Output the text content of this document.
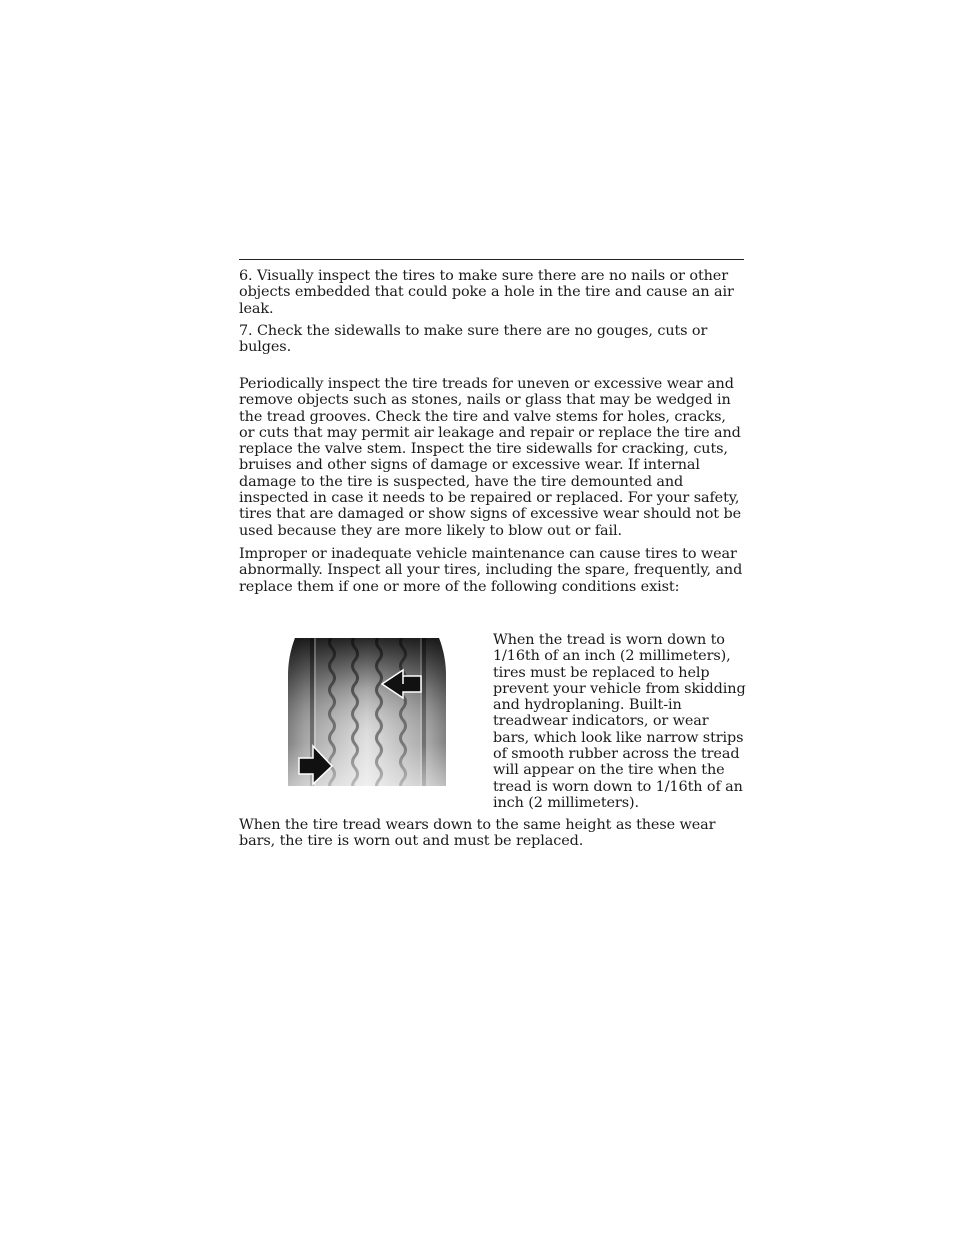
6. Visually inspect the tires to make sure there are no nails or other objects embedded that could poke a hole in the tire and cause an air leak.

7. Check the sidewalls to make sure there are no gouges, cuts or bulges.

Periodically inspect the tire treads for uneven or excessive wear and remove objects such as stones, nails or glass that may be wedged in the tread grooves. Check the tire and valve stems for holes, cracks, or cuts that may permit air leakage and repair or replace the tire and replace the valve stem. Inspect the tire sidewalls for cracking, cuts, bruises and other signs of damage or excessive wear. If internal damage to the tire is suspected, have the tire demounted and inspected in case it needs to be repaired or replaced. For your safety, tires that are damaged or show signs of excessive wear should not be used because they are more likely to blow out or fail.

Improper or inadequate vehicle maintenance can cause tires to wear abnormally. Inspect all your tires, including the spare, frequently, and replace them if one or more of the following conditions exist:

When the tread is worn down to 1/16th of an inch (2 millimeters), tires must be replaced to help prevent your vehicle from skidding and hydroplaning. Built-in treadwear indicators, or wear bars, which look like narrow strips of smooth rubber across the tread will appear on the tire when the tread is worn down to 1/16th of an inch (2 millimeters).

When the tire tread wears down to the same height as these wear bars, the tire is worn out and must be replaced.
